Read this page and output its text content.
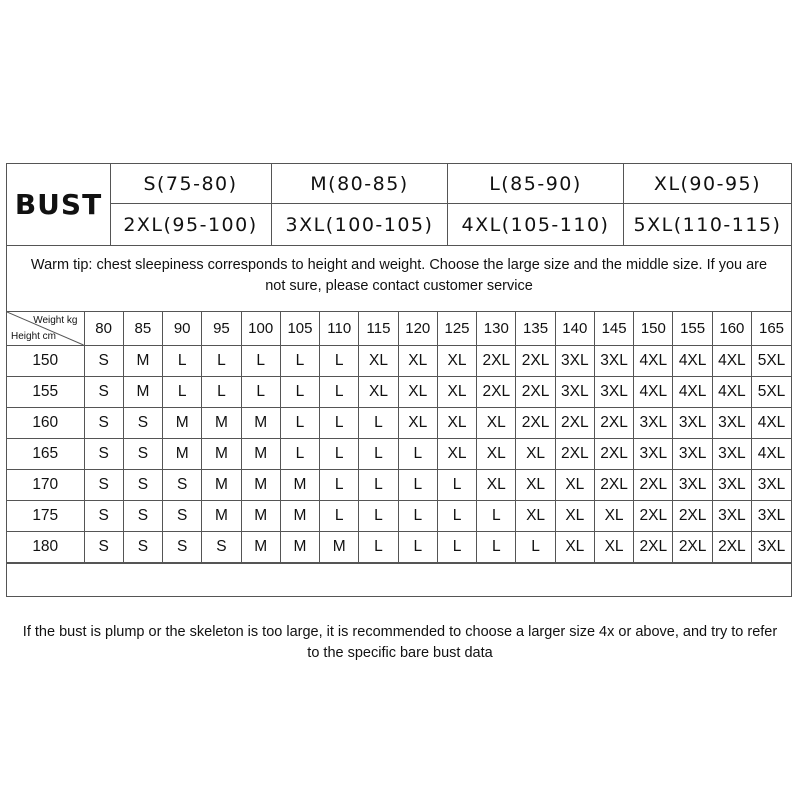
BUST
S(75-80)	M(80-85)	L(85-90)	XL(90-95)
2XL(95-100)	3XL(100-105)	4XL(105-110)	5XL(110-115)
Warm tip: chest sleepiness corresponds to height and weight. Choose the large size and the middle size. If you are not sure, please contact customer service
Weight kg
Height cm	80	85	90	95	100	105	110	115	120	125	130	135	140	145	150	155	160	165
150	S	M	L	L	L	L	L	XL	XL	XL	2XL	2XL	3XL	3XL	4XL	4XL	4XL	5XL
155	S	M	L	L	L	L	L	XL	XL	XL	2XL	2XL	3XL	3XL	4XL	4XL	4XL	5XL
160	S	S	M	M	M	L	L	L	XL	XL	XL	2XL	2XL	2XL	3XL	3XL	3XL	4XL
165	S	S	M	M	M	L	L	L	L	XL	XL	XL	2XL	2XL	3XL	3XL	3XL	4XL
170	S	S	S	M	M	M	L	L	L	L	XL	XL	XL	2XL	2XL	3XL	3XL	3XL
175	S	S	S	M	M	M	L	L	L	L	L	XL	XL	XL	2XL	2XL	3XL	3XL
180	S	S	S	S	M	M	M	L	L	L	L	L	XL	XL	2XL	2XL	2XL	3XL
If the bust is plump or the skeleton is too large, it is recommended to choose a larger size 4x or above, and try to refer to the specific bare bust data
